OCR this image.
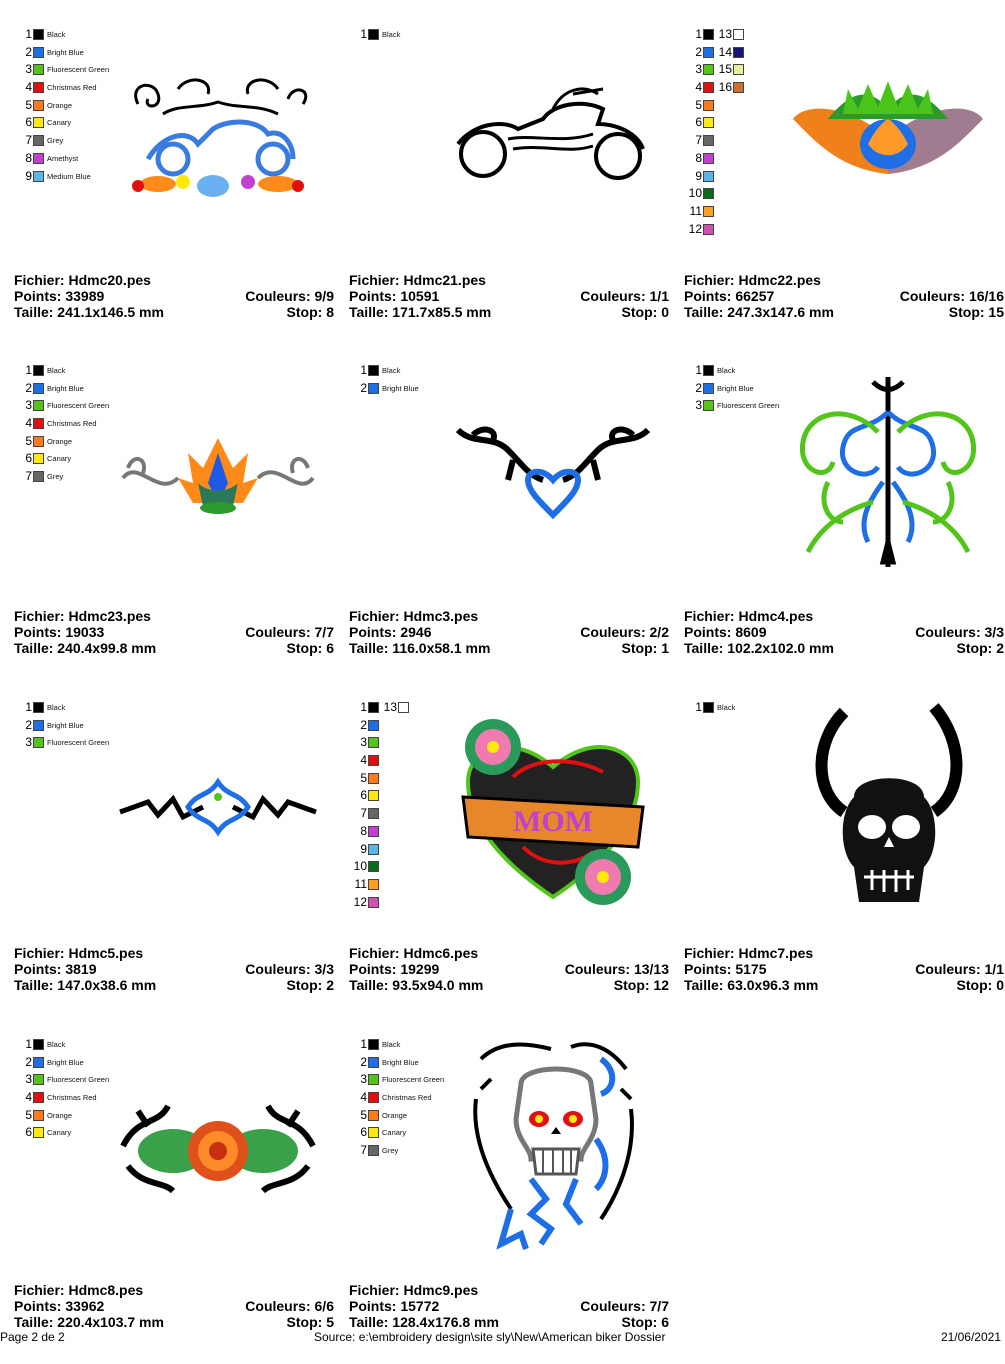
1 Black
2 Bright Blue
3 Fluorescent Green
4 Christmas Red
5 Orange
6 Canary
7 Grey
8 Amethyst
9 Medium Blue
Fichier: Hdmc20.pes
Points: 33989	Couleurs: 9/9
Taille: 241.1x146.5 mm	Stop: 8
1 Black
Fichier: Hdmc21.pes
Points: 10591	Couleurs: 1/1
Taille: 171.7x85.5 mm	Stop: 0
1 13
2 14
3 15
4 16
5
6
7
8
9
10
11
12
Fichier: Hdmc22.pes
Points: 66257	Couleurs: 16/16
Taille: 247.3x147.6 mm	Stop: 15
1 Black
2 Bright Blue
3 Fluorescent Green
4 Christmas Red
5 Orange
6 Canary
7 Grey
Fichier: Hdmc23.pes
Points: 19033	Couleurs: 7/7
Taille: 240.4x99.8 mm	Stop: 6
1 Black
2 Bright Blue
Fichier: Hdmc3.pes
Points: 2946	Couleurs: 2/2
Taille: 116.0x58.1 mm	Stop: 1
1 Black
2 Bright Blue
3 Fluorescent Green
Fichier: Hdmc4.pes
Points: 8609	Couleurs: 3/3
Taille: 102.2x102.0 mm	Stop: 2
1 Black
2 Bright Blue
3 Fluorescent Green
Fichier: Hdmc5.pes
Points: 3819	Couleurs: 3/3
Taille: 147.0x38.6 mm	Stop: 2
1 13
2
3
4
5
6
7
8
9
10
11
12
MOM
Fichier: Hdmc6.pes
Points: 19299	Couleurs: 13/13
Taille: 93.5x94.0 mm	Stop: 12
1 Black
Fichier: Hdmc7.pes
Points: 5175	Couleurs: 1/1
Taille: 63.0x96.3 mm	Stop: 0
1 Black
2 Bright Blue
3 Fluorescent Green
4 Christmas Red
5 Orange
6 Canary
Fichier: Hdmc8.pes
Points: 33962	Couleurs: 6/6
Taille: 220.4x103.7 mm	Stop: 5
1 Black
2 Bright Blue
3 Fluorescent Green
4 Christmas Red
5 Orange
6 Canary
7 Grey
Fichier: Hdmc9.pes
Points: 15772	Couleurs: 7/7
Taille: 128.4x176.8 mm	Stop: 6
Page 2 de 2	Source: e:\embroidery design\site sly\New\American biker Dossier	21/06/2021
